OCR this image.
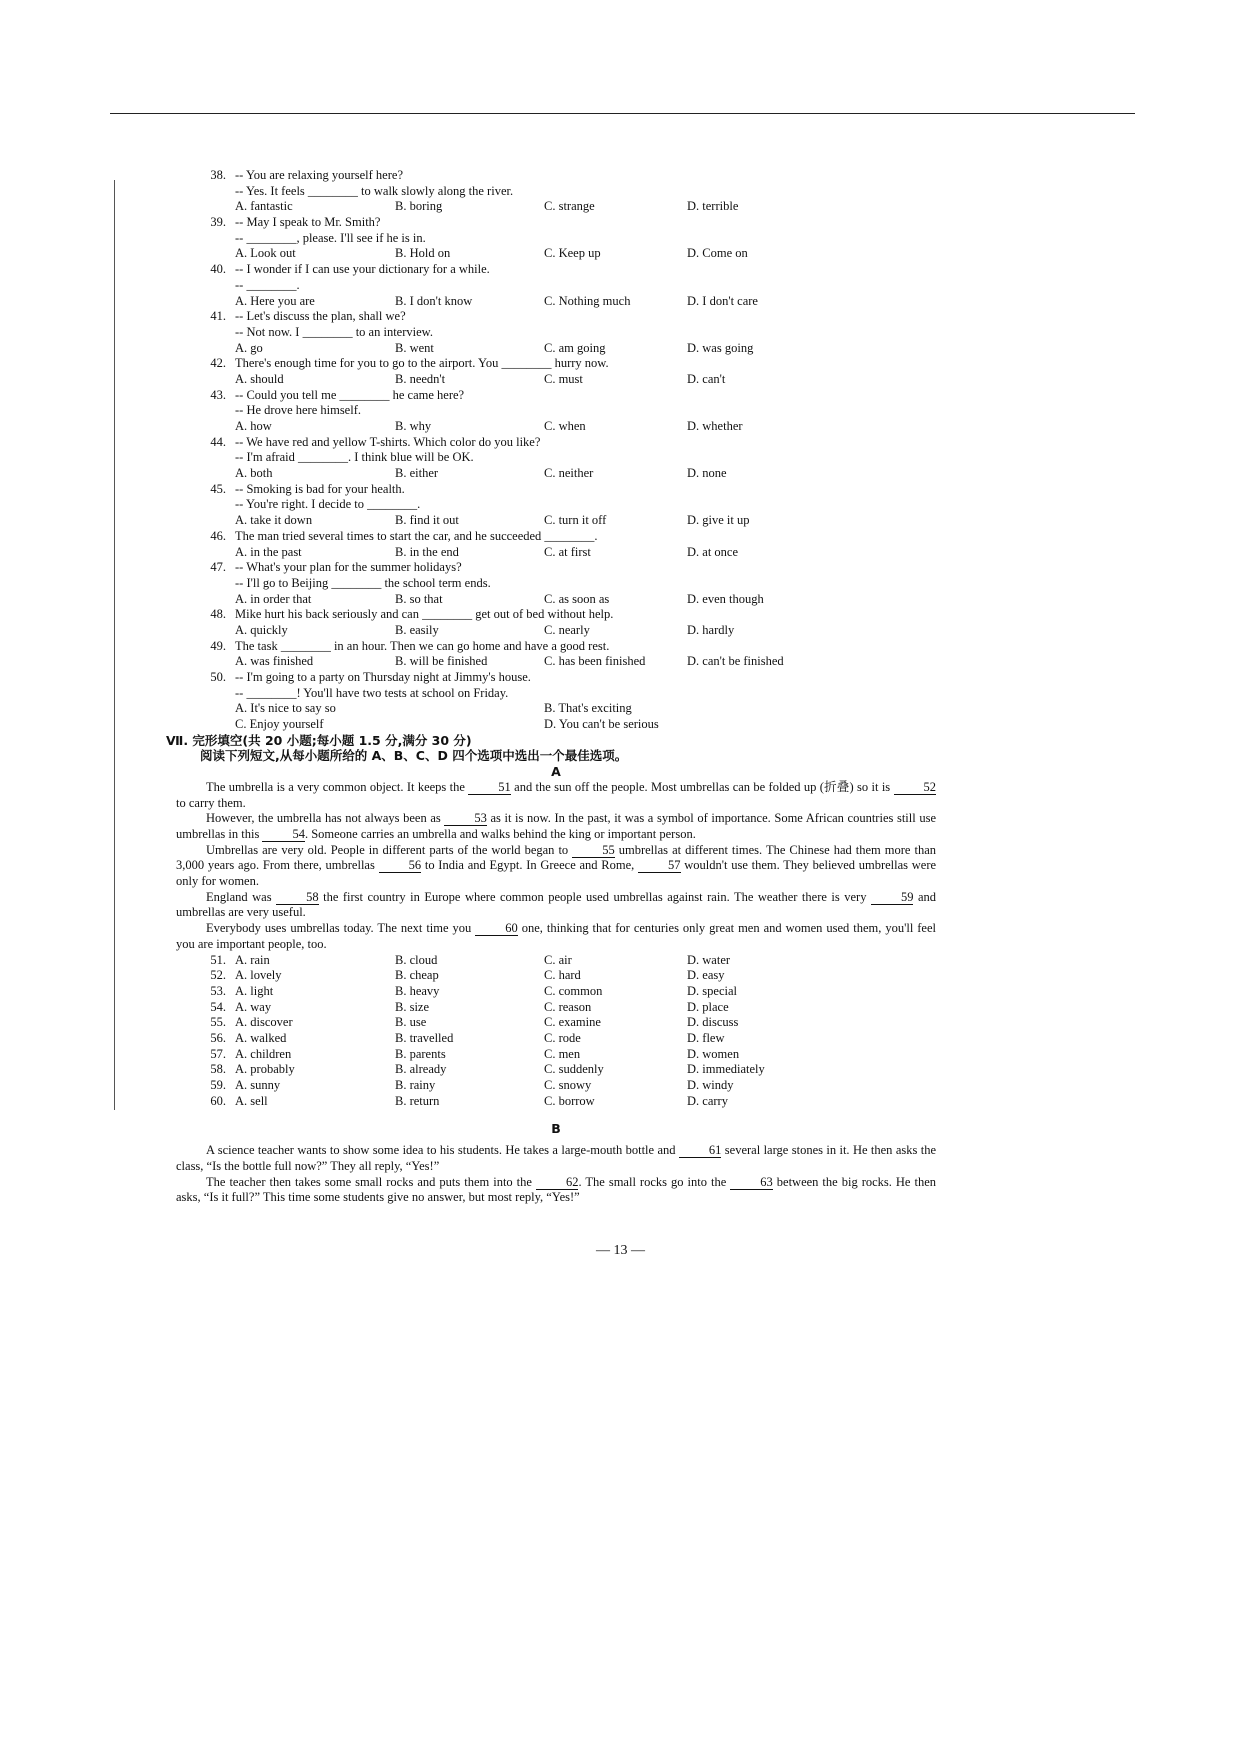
38. -- You are relaxing yourself here?
-- Yes. It feels ________ to walk slowly along the river.
A. fantastic	B. boring	C. strange	D. terrible
39. -- May I speak to Mr. Smith?
-- ________, please. I'll see if he is in.
A. Look out	B. Hold on	C. Keep up	D. Come on
40. -- I wonder if I can use your dictionary for a while.
-- ________.
A. Here you are	B. I don't know	C. Nothing much	D. I don't care
41. -- Let's discuss the plan, shall we?
-- Not now. I ________ to an interview.
A. go	B. went	C. am going	D. was going
42. There's enough time for you to go to the airport. You ________ hurry now.
A. should	B. needn't	C. must	D. can't
43. -- Could you tell me ________ he came here?
-- He drove here himself.
A. how	B. why	C. when	D. whether
44. -- We have red and yellow T-shirts. Which color do you like?
-- I'm afraid ________. I think blue will be OK.
A. both	B. either	C. neither	D. none
45. -- Smoking is bad for your health.
-- You're right. I decide to ________.
A. take it down	B. find it out	C. turn it off	D. give it up
46. The man tried several times to start the car, and he succeeded ________.
A. in the past	B. in the end	C. at first	D. at once
47. -- What's your plan for the summer holidays?
-- I'll go to Beijing ________ the school term ends.
A. in order that	B. so that	C. as soon as	D. even though
48. Mike hurt his back seriously and can ________ get out of bed without help.
A. quickly	B. easily	C. nearly	D. hardly
49. The task ________ in an hour. Then we can go home and have a good rest.
A. was finished	B. will be finished	C. has been finished	D. can't be finished
50. -- I'm going to a party on Thursday night at Jimmy's house.
-- ________! You'll have two tests at school on Friday.
A. It's nice to say so	B. That's exciting
C. Enjoy yourself	D. You can't be serious
Ⅶ. 完形填空(共 20 小题;每小题 1.5 分,满分 30 分)
阅读下列短文,从每小题所给的 A、B、C、D 四个选项中选出一个最佳选项。
A

The umbrella is a very common object. It keeps the	51 and the sun off the people. Most umbrellas can be folded up (折叠) so it is	52 to carry them.

However, the umbrella has not always been as	53 as it is now. In the past, it was a symbol of importance. Some African countries still use umbrellas in this	54. Someone carries an umbrella and walks behind the king or important person.

Umbrellas are very old. People in different parts of the world began to	55 umbrellas at different times. The Chinese had them more than 3,000 years ago. From there, umbrellas	56 to India and Egypt. In Greece and Rome,	57 wouldn't use them. They believed umbrellas were only for women.

England was	58 the first country in Europe where common people used umbrellas against rain. The weather there is very	59 and umbrellas are very useful.

Everybody uses umbrellas today. The next time you	60 one, thinking that for centuries only great men and women used them, you'll feel you are important people, too.

51. A. rain	B. cloud	C. air	D. water
52. A. lovely	B. cheap	C. hard	D. easy
53. A. light	B. heavy	C. common	D. special
54. A. way	B. size	C. reason	D. place
55. A. discover	B. use	C. examine	D. discuss
56. A. walked	B. travelled	C. rode	D. flew
57. A. children	B. parents	C. men	D. women
58. A. probably	B. already	C. suddenly	D. immediately
59. A. sunny	B. rainy	C. snowy	D. windy
60. A. sell	B. return	C. borrow	D. carry
B

A science teacher wants to show some idea to his students. He takes a large-mouth bottle and	61 several large stones in it. He then asks the class, “Is the bottle full now?” They all reply, “Yes!”

The teacher then takes some small rocks and puts them into the	62. The small rocks go into the	63 between the big rocks. He then asks, “Is it full?” This time some students give no answer, but most reply, “Yes!”

— 13 —
